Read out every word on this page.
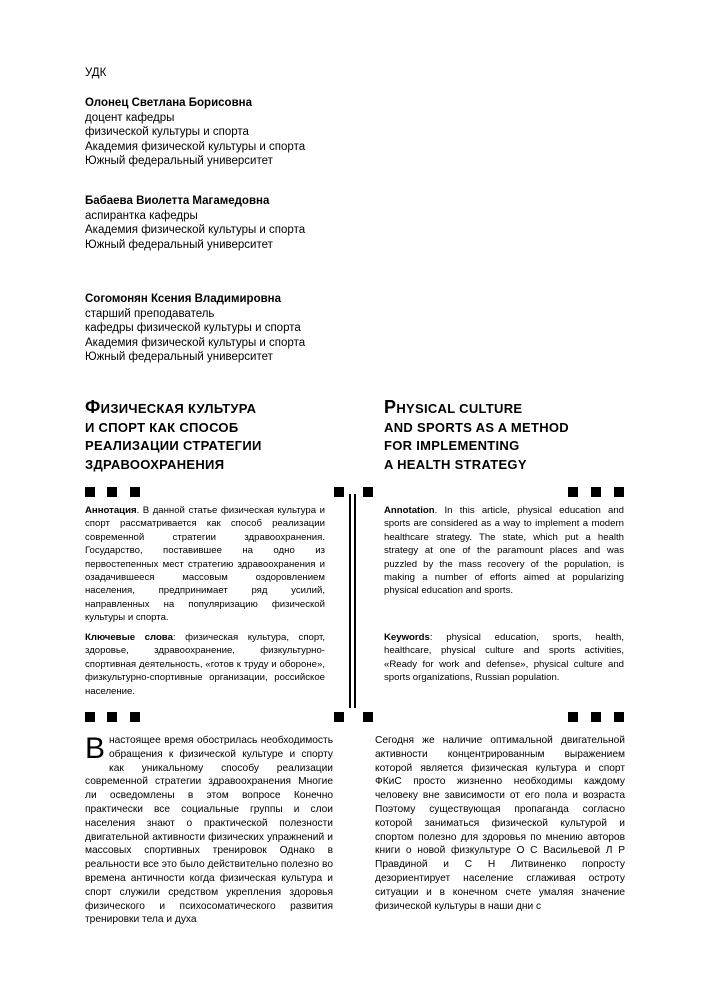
УДК
Олонец Светлана Борисовна
доцент кафедры
физической культуры и спорта
Академия физической культуры и спорта
Южный федеральный университет
Бабаева Виолетта Магамедовна
аспирантка кафедры
Академия физической культуры и спорта
Южный федеральный университет
Согомонян Ксения Владимировна
старший преподаватель
кафедры физической культуры и спорта
Академия физической культуры и спорта
Южный федеральный университет
ФИЗИЧЕСКАЯ КУЛЬТУРА
И СПОРТ КАК СПОСОБ
РЕАЛИЗАЦИИ СТРАТЕГИИ
ЗДРАВООХРАНЕНИЯ
PHYSICAL CULTURE
AND SPORTS AS A METHOD
FOR IMPLEMENTING
A HEALTH STRATEGY
Аннотация. В данной статье физическая культура и спорт рассматривается как способ реализации современной стратегии здравоохранения. Государство, поставившее на одно из первостепенных мест стратегию здравоохранения и озадачившееся массовым оздоровлением населения, предпринимает ряд усилий, направленных на популяризацию физической культуры и спорта.
Ключевые слова: физическая культура, спорт, здоровье, здравоохранение, физкультурно-спортивная деятельность, «готов к труду и обороне», физкультурно-спортивные организации, российское население.
Annotation. In this article, physical education and sports are considered as a way to implement a modern healthcare strategy. The state, which put a health strategy at one of the paramount places and was puzzled by the mass recovery of the population, is making a number of efforts aimed at popularizing physical education and sports.
Keywords: physical education, sports, health, healthcare, physical culture and sports activities, «Ready for work and defense», physical culture and sports organizations, Russian population.
Внастоящее время обострилась необходимость обращения к физической культуре и спорту как уникальному способу реализации современной стратегии здравоохранения Многие ли осведомлены в этом вопросе Конечно практически все социальные группы и слои населения знают о практической полезности двигательной активности физических упражнений и массовых спортивных тренировок Однако в реальности все это было действительно полезно во времена античности когда физическая культура и спорт служили средством укрепления здоровья физического и психосоматического развития тренировки тела и духа
Сегодня же наличие оптимальной двигательной активности концентрированным выражением которой является физическая культура и спорт ФКиС просто жизненно необходимы каждому человеку вне зависимости от его пола и возраста Поэтому существующая пропаганда согласно которой заниматься физической культурой и спортом полезно для здоровья по мнению авторов книги о новой физкультуре О С Васильевой Л Р Правдиной и С Н Литвиненко попросту дезориентирует население сглаживая остроту ситуации и в конечном счете умаляя значение физической культуры в наши дни с
